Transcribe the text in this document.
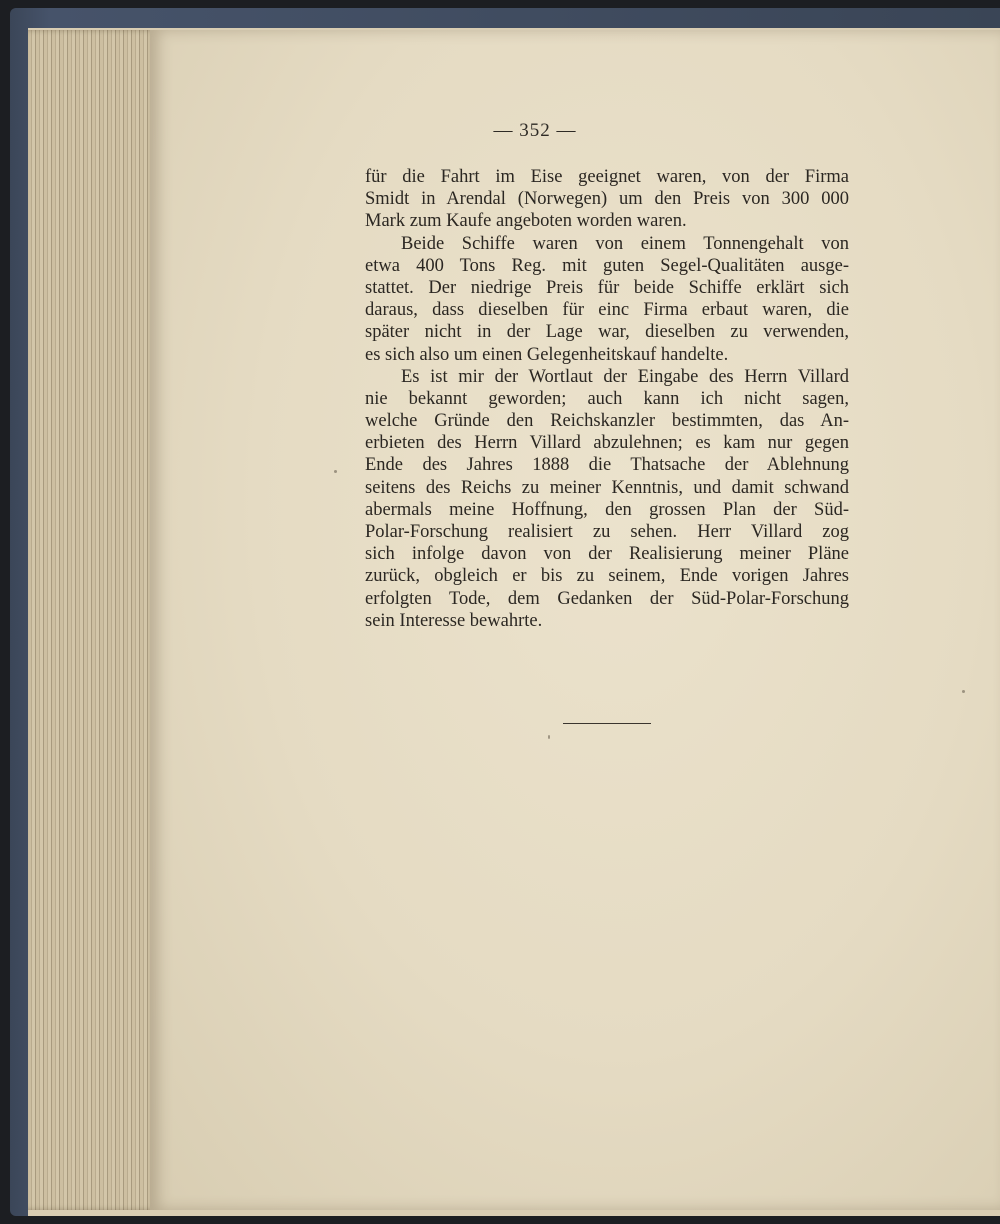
— 352 —
für die Fahrt im Eise geeignet waren, von der Firma
Smidt in Arendal (Norwegen) um den Preis von 300 000
Mark zum Kaufe angeboten worden waren.
Beide Schiffe waren von einem Tonnengehalt von
etwa 400 Tons Reg. mit guten Segel-Qualitäten ausge-
stattet. Der niedrige Preis für beide Schiffe erklärt sich
daraus, dass dieselben für einc Firma erbaut waren, die
später nicht in der Lage war, dieselben zu verwenden,
es sich also um einen Gelegenheitskauf handelte.
Es ist mir der Wortlaut der Eingabe des Herrn Villard
nie bekannt geworden; auch kann ich nicht sagen,
welche Gründe den Reichskanzler bestimmten, das An-
erbieten des Herrn Villard abzulehnen; es kam nur gegen
Ende des Jahres 1888 die Thatsache der Ablehnung
seitens des Reichs zu meiner Kenntnis, und damit schwand
abermals meine Hoffnung, den grossen Plan der Süd-
Polar-Forschung realisiert zu sehen. Herr Villard zog
sich infolge davon von der Realisierung meiner Pläne
zurück, obgleich er bis zu seinem, Ende vorigen Jahres
erfolgten Tode, dem Gedanken der Süd-Polar-Forschung
sein Interesse bewahrte.
